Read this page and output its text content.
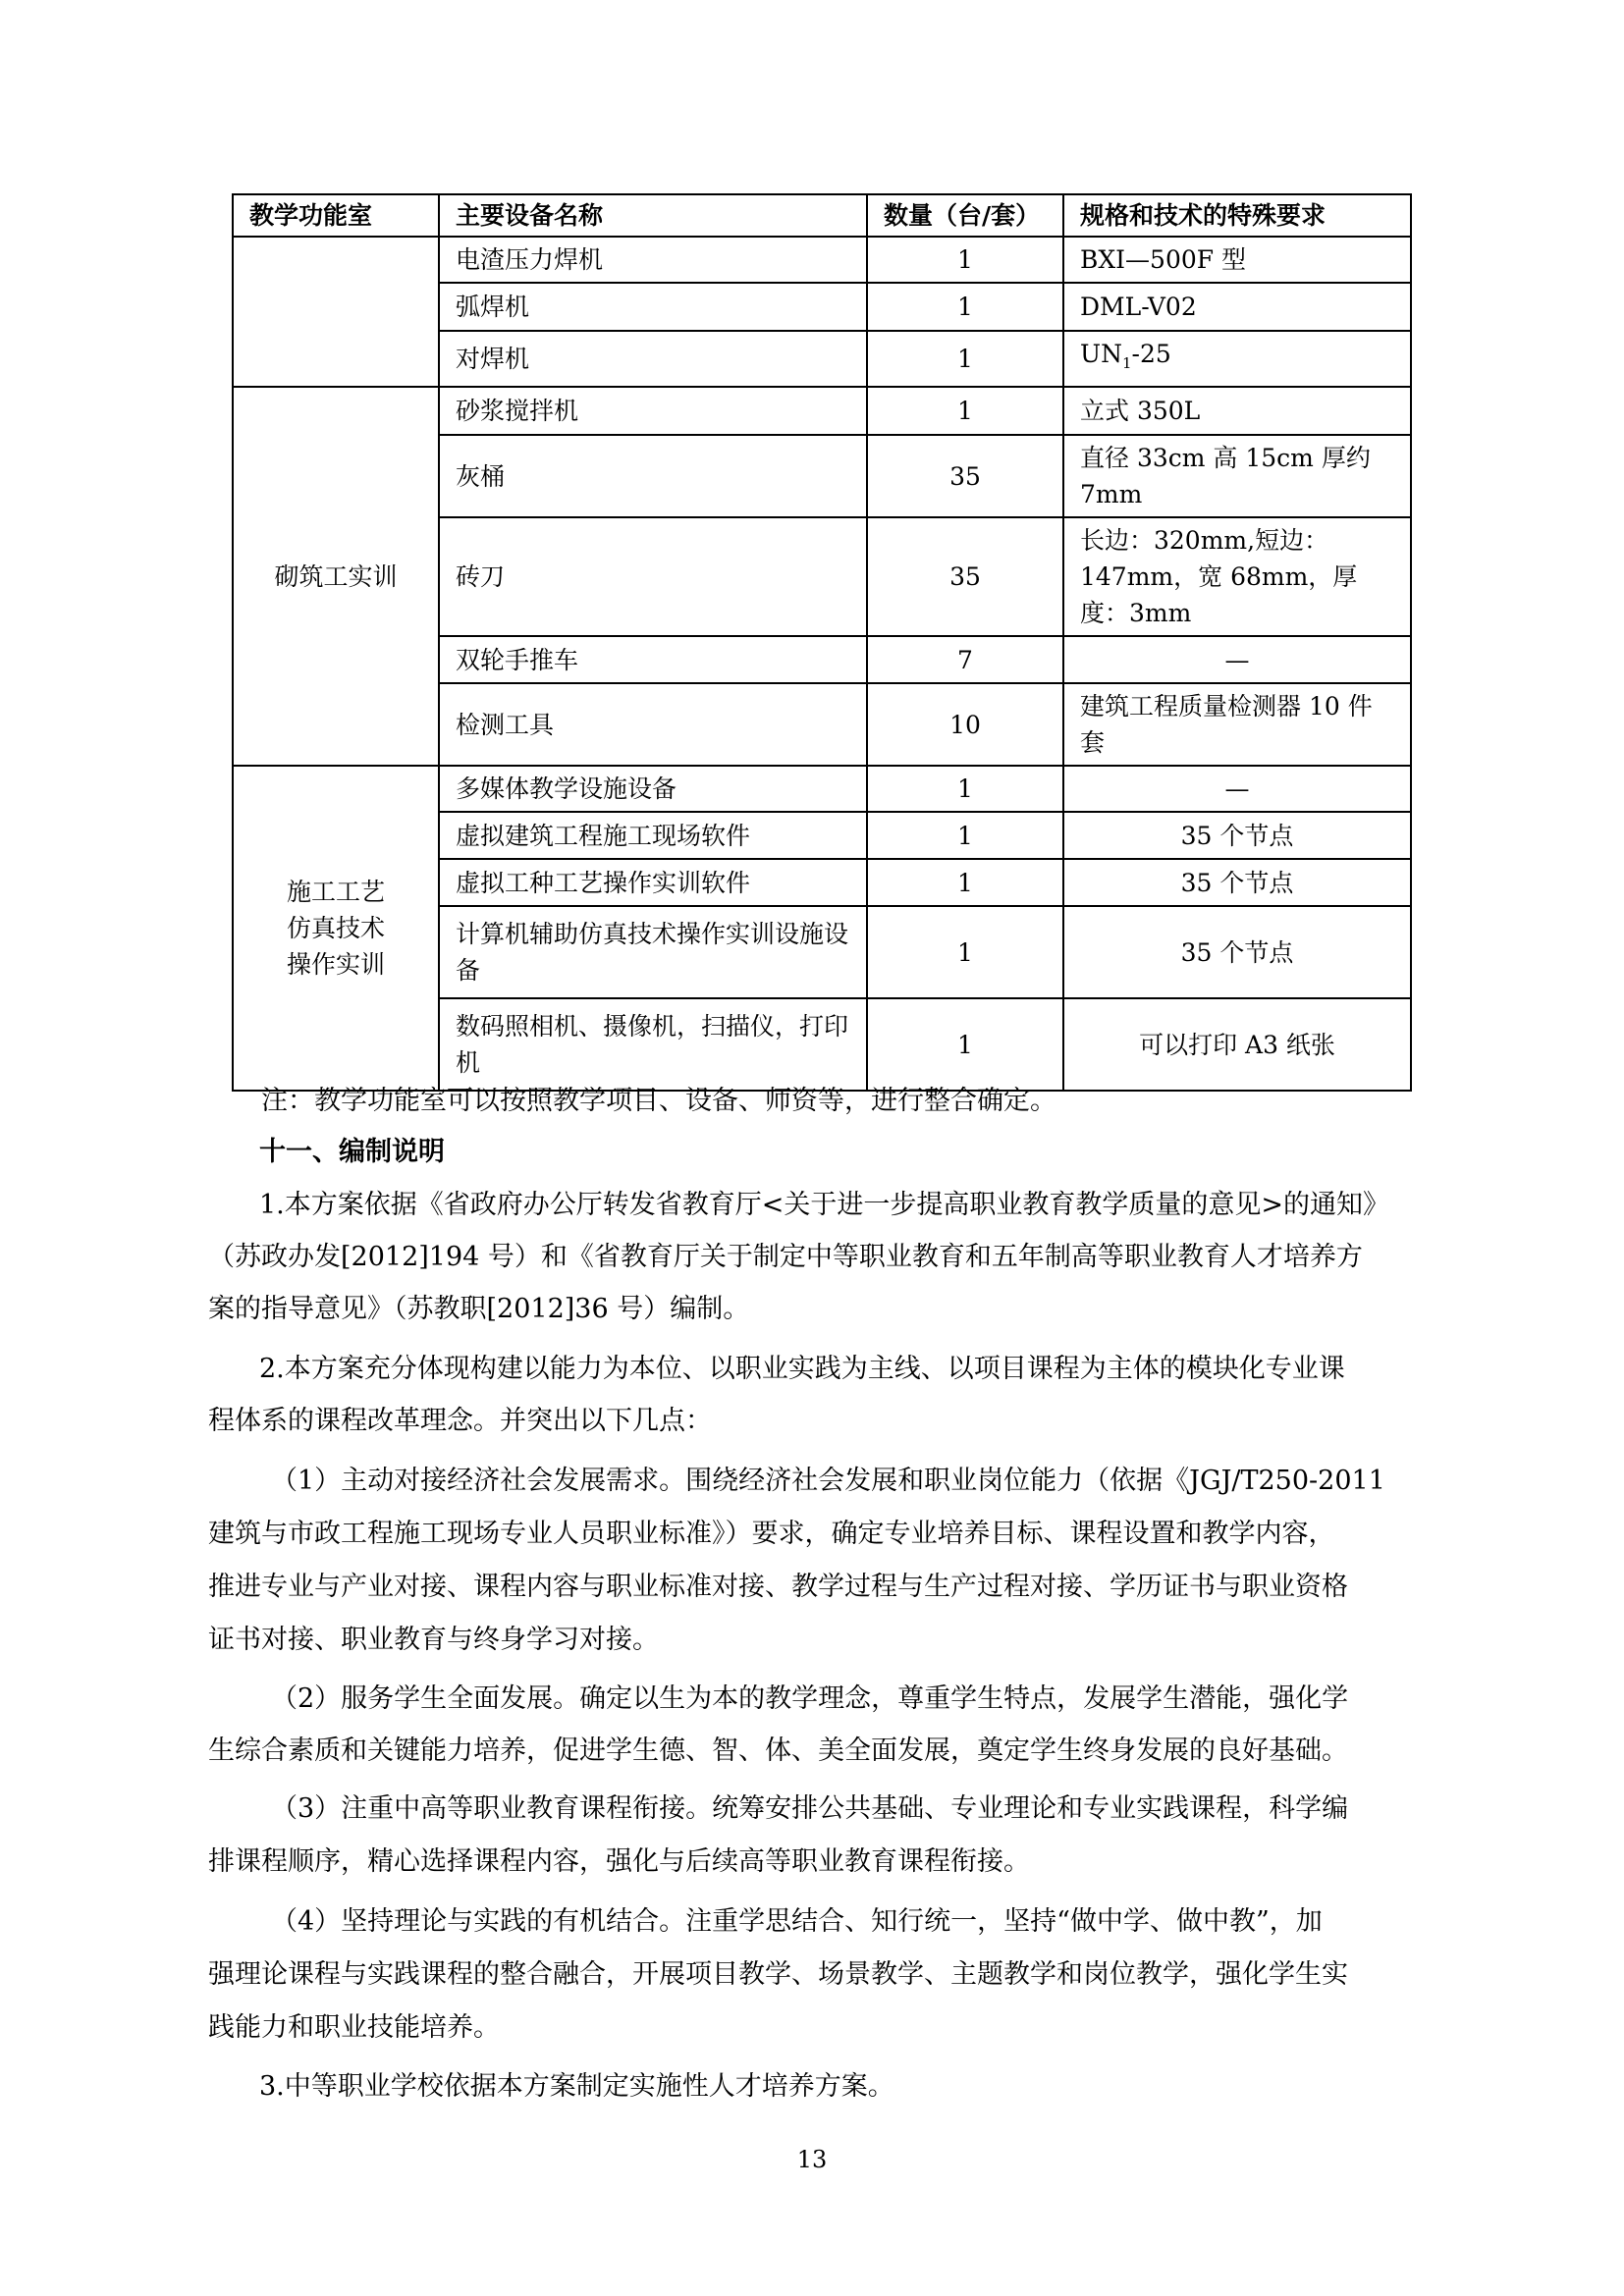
教学功能室	主要设备名称	数量（台/套）	规格和技术的特殊要求
	电渣压力焊机	1	BXI—500F 型
	弧焊机	1	DML-V02
	对焊机	1	$UN_1-25$
砌筑工实训	砂浆搅拌机	1	立式 350L
	灰桶	35	直径 33cm 高 15cm 厚约 7mm
	砖刀	35	长边：320mm,短边：147mm，宽 68mm，厚度：3mm
	双轮手推车	7	—
	检测工具	10	建筑工程质量检测器 10 件套

施工工艺
仿真技术
操作实训	多媒体教学设施设备	1	—
	虚拟建筑工程施工现场软件	1	35 个节点
	虚拟工种工艺操作实训软件	1	35 个节点
	计算机辅助仿真技术操作实训设施设备	1	35 个节点
	数码照相机、摄像机，扫描仪，打印机	1	可以打印 A3 纸张
注：教学功能室可以按照教学项目、设备、师资等，进行整合确定。
十一、编制说明
1.本方案依据《省政府办公厅转发省教育厅<关于进一步提高职业教育教学质量的意见>的通知》
（苏政办发[2012]194 号）和《省教育厅关于制定中等职业教育和五年制高等职业教育人才培养方
案的指导意见》（苏教职[2012]36 号）编制。
2.本方案充分体现构建以能力为本位、以职业实践为主线、以项目课程为主体的模块化专业课
程体系的课程改革理念。并突出以下几点：
（1）主动对接经济社会发展需求。围绕经济社会发展和职业岗位能力（依据《JGJ/T250-2011
建筑与市政工程施工现场专业人员职业标准》）要求，确定专业培养目标、课程设置和教学内容，
推进专业与产业对接、课程内容与职业标准对接、教学过程与生产过程对接、学历证书与职业资格
证书对接、职业教育与终身学习对接。
（2）服务学生全面发展。确定以生为本的教学理念，尊重学生特点，发展学生潜能，强化学
生综合素质和关键能力培养，促进学生德、智、体、美全面发展，奠定学生终身发展的良好基础。
（3）注重中高等职业教育课程衔接。统筹安排公共基础、专业理论和专业实践课程，科学编
排课程顺序，精心选择课程内容，强化与后续高等职业教育课程衔接。
（4）坚持理论与实践的有机结合。注重学思结合、知行统一，坚持“做中学、做中教”，加
强理论课程与实践课程的整合融合，开展项目教学、场景教学、主题教学和岗位教学，强化学生实
践能力和职业技能培养。
3.中等职业学校依据本方案制定实施性人才培养方案。
13
